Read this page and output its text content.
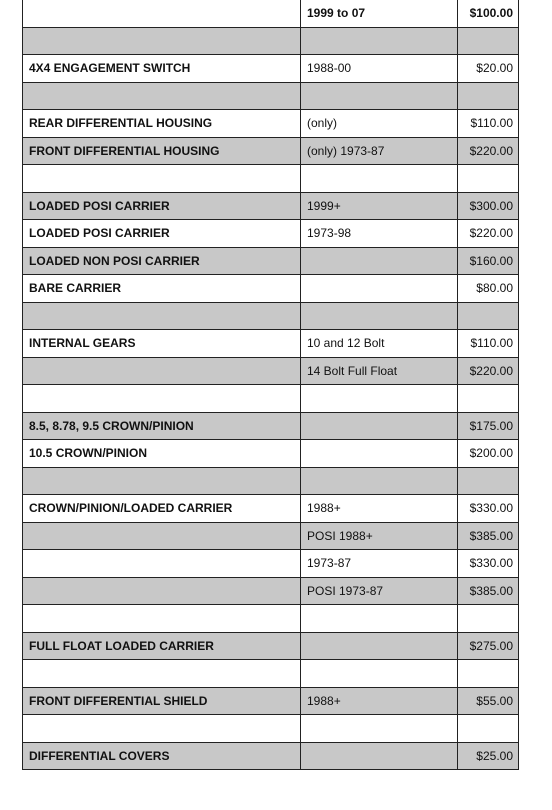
	1999 to 07	$100.00

4X4 ENGAGEMENT SWITCH	1988-00	$20.00

REAR DIFFERENTIAL HOUSING	(only)	$110.00
FRONT DIFFERENTIAL HOUSING	(only) 1973-87	$220.00

LOADED POSI CARRIER	1999+	$300.00
LOADED POSI CARRIER	1973-98	$220.00
LOADED NON POSI CARRIER		$160.00
BARE CARRIER		$80.00

INTERNAL GEARS	10 and 12 Bolt	$110.00
	14 Bolt Full Float	$220.00

8.5, 8.78, 9.5 CROWN/PINION		$175.00
10.5 CROWN/PINION		$200.00

CROWN/PINION/LOADED CARRIER	1988+	$330.00
	POSI 1988+	$385.00
	1973-87	$330.00
	POSI 1973-87	$385.00

FULL FLOAT LOADED CARRIER		$275.00

FRONT DIFFERENTIAL SHIELD	1988+	$55.00

DIFFERENTIAL COVERS		$25.00
